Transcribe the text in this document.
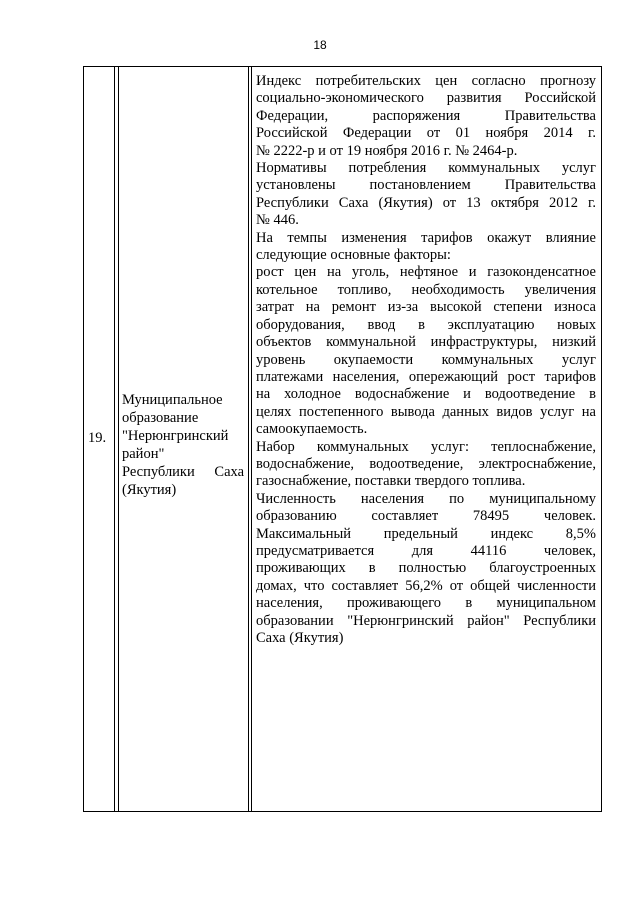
18
19.
Муниципальное
образование
"Нерюнгринский
район"
Республики Саха
(Якутия)
Индекс потребительских цен согласно прогнозу
социально-экономического развития Российской
Федерации, распоряжения Правительства
Российской Федерации от 01 ноября 2014 г.
№ 2222-р и от 19 ноября 2016 г. № 2464-р.
Нормативы потребления коммунальных услуг
установлены постановлением Правительства
Республики Саха (Якутия) от 13 октября 2012 г.
№ 446.
На темпы изменения тарифов окажут влияние
следующие основные факторы:
рост цен на уголь, нефтяное и газоконденсатное
котельное топливо, необходимость увеличения
затрат на ремонт из-за высокой степени износа
оборудования, ввод в эксплуатацию новых
объектов коммунальной инфраструктуры, низкий
уровень окупаемости коммунальных услуг
платежами населения, опережающий рост тарифов
на холодное водоснабжение и водоотведение в
целях постепенного вывода данных видов услуг на
самоокупаемость.
Набор коммунальных услуг: теплоснабжение,
водоснабжение, водоотведение, электроснабжение,
газоснабжение, поставки твердого топлива.
Численность населения по муниципальному
образованию составляет 78495 человек.
Максимальный предельный индекс 8,5%
предусматривается для 44116 человек,
проживающих в полностью благоустроенных
домах, что составляет 56,2% от общей численности
населения, проживающего в муниципальном
образовании "Нерюнгринский район" Республики
Саха (Якутия)
